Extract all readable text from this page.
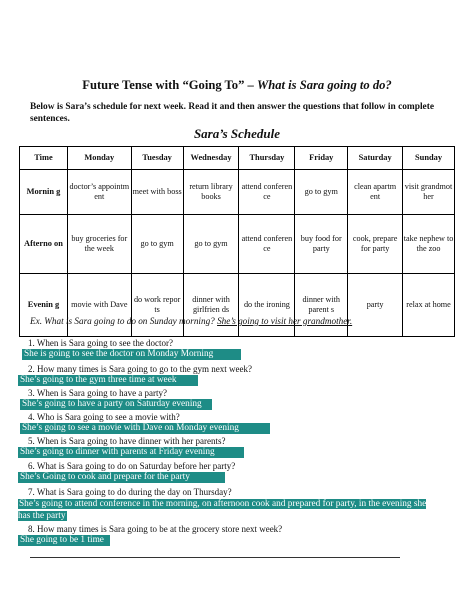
Future Tense with “Going To” – What is Sara going to do?
Below is Sara’s schedule for next week. Read it and then answer the questions that follow in complete sentences.
Sara’s Schedule
Time	Monday	Tuesday	Wednesday	Thursday	Friday	Saturday	Sunday
Mornin g	doctor’s appointm ent	meet with boss	return library books	attend conferen ce	go to gym	clean apartm ent	visit grandmot her
Afterno on	buy groceries for the week	go to gym	go to gym	attend conferen ce	buy food for party	cook, prepare for party	take nephew to the zoo
Evenin g	movie with Dave	do work repor ts	dinner with girlfrien ds	do the ironing	dinner with parent s	party	relax at home
Ex. What is Sara going to do on Sunday morning? She’s going to visit her grandmother.
1. When is Sara going to see the doctor?
She is going to see the doctor on Monday Morning
2. How many times is Sara going to go to the gym next week?
She’s going to the gym three time at week
3. When is Sara going to have a party?
She’s going to have a party on Saturday evening
4. Who is Sara going to see a movie with?
She’s going to see a movie with Dave on Monday evening
5. When is Sara going to have dinner with her parents?
She’s going to dinner with parents at Friday evening
6. What is Sara going to do on Saturday before her party?
She’s Going to cook and prepare for the party
7. What is Sara going to do during the day on Thursday?
She’s going to attend conference in the morning, on afternoon cook and prepared for party, in the evening she has the party
8. How many times is Sara going to be at the grocery store next week?
She going to be 1 time
